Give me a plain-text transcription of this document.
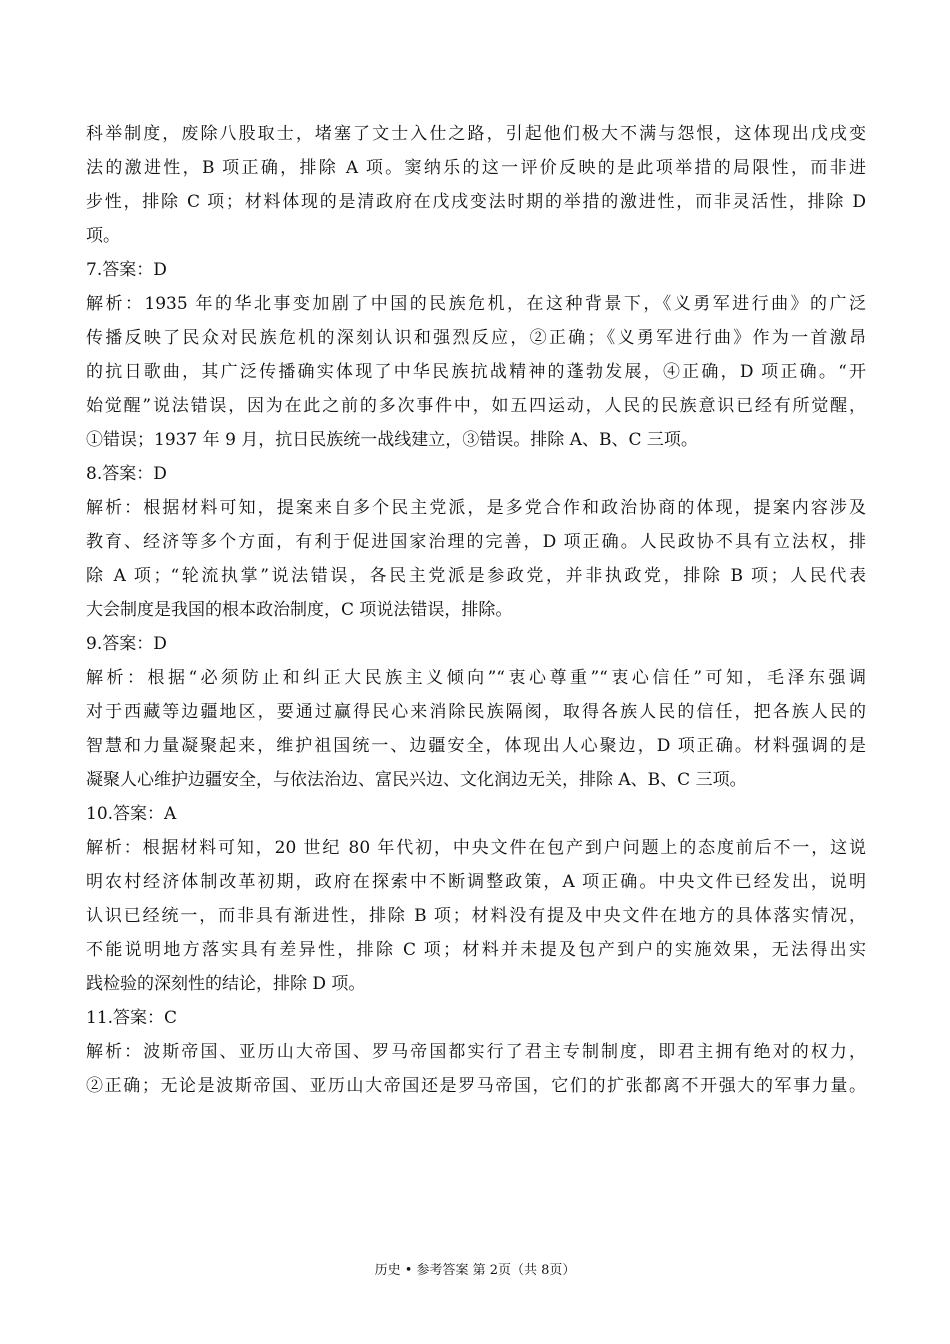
科举制度，废除八股取士，堵塞了文士入仕之路，引起他们极大不满与怨恨，这体现出戊戌变
法的激进性，B 项正确，排除 A 项。窦纳乐的这一评价反映的是此项举措的局限性，而非进
步性，排除 C 项；材料体现的是清政府在戊戌变法时期的举措的激进性，而非灵活性，排除 D
项。
7.答案：D
解析：1935 年的华北事变加剧了中国的民族危机，在这种背景下，《义勇军进行曲》的广泛
传播反映了民众对民族危机的深刻认识和强烈反应，②正确；《义勇军进行曲》作为一首激昂
的抗日歌曲，其广泛传播确实体现了中华民族抗战精神的蓬勃发展，④正确，D 项正确。“开
始觉醒”说法错误，因为在此之前的多次事件中，如五四运动，人民的民族意识已经有所觉醒，
①错误；1937 年 9 月，抗日民族统一战线建立，③错误。排除 A、B、C 三项。
8.答案：D
解析：根据材料可知，提案来自多个民主党派，是多党合作和政治协商的体现，提案内容涉及
教育、经济等多个方面，有利于促进国家治理的完善，D 项正确。人民政协不具有立法权，排
除 A 项；“轮流执掌”说法错误，各民主党派是参政党，并非执政党，排除 B 项；人民代表
大会制度是我国的根本政治制度，C 项说法错误，排除。
9.答案：D
解析：根据“必须防止和纠正大民族主义倾向”“衷心尊重”“衷心信任”可知，毛泽东强调
对于西藏等边疆地区，要通过赢得民心来消除民族隔阂，取得各族人民的信任，把各族人民的
智慧和力量凝聚起来，维护祖国统一、边疆安全，体现出人心聚边，D 项正确。材料强调的是
凝聚人心维护边疆安全，与依法治边、富民兴边、文化润边无关，排除 A、B、C 三项。
10.答案：A
解析：根据材料可知，20 世纪 80 年代初，中央文件在包产到户问题上的态度前后不一，这说
明农村经济体制改革初期，政府在探索中不断调整政策，A 项正确。中央文件已经发出，说明
认识已经统一，而非具有渐进性，排除 B 项；材料没有提及中央文件在地方的具体落实情况，
不能说明地方落实具有差异性，排除 C 项；材料并未提及包产到户的实施效果，无法得出实
践检验的深刻性的结论，排除 D 项。
11.答案：C
解析：波斯帝国、亚历山大帝国、罗马帝国都实行了君主专制制度，即君主拥有绝对的权力，
②正确；无论是波斯帝国、亚历山大帝国还是罗马帝国，它们的扩张都离不开强大的军事力量。
历史 • 参考答案 第 2页（共 8页）
